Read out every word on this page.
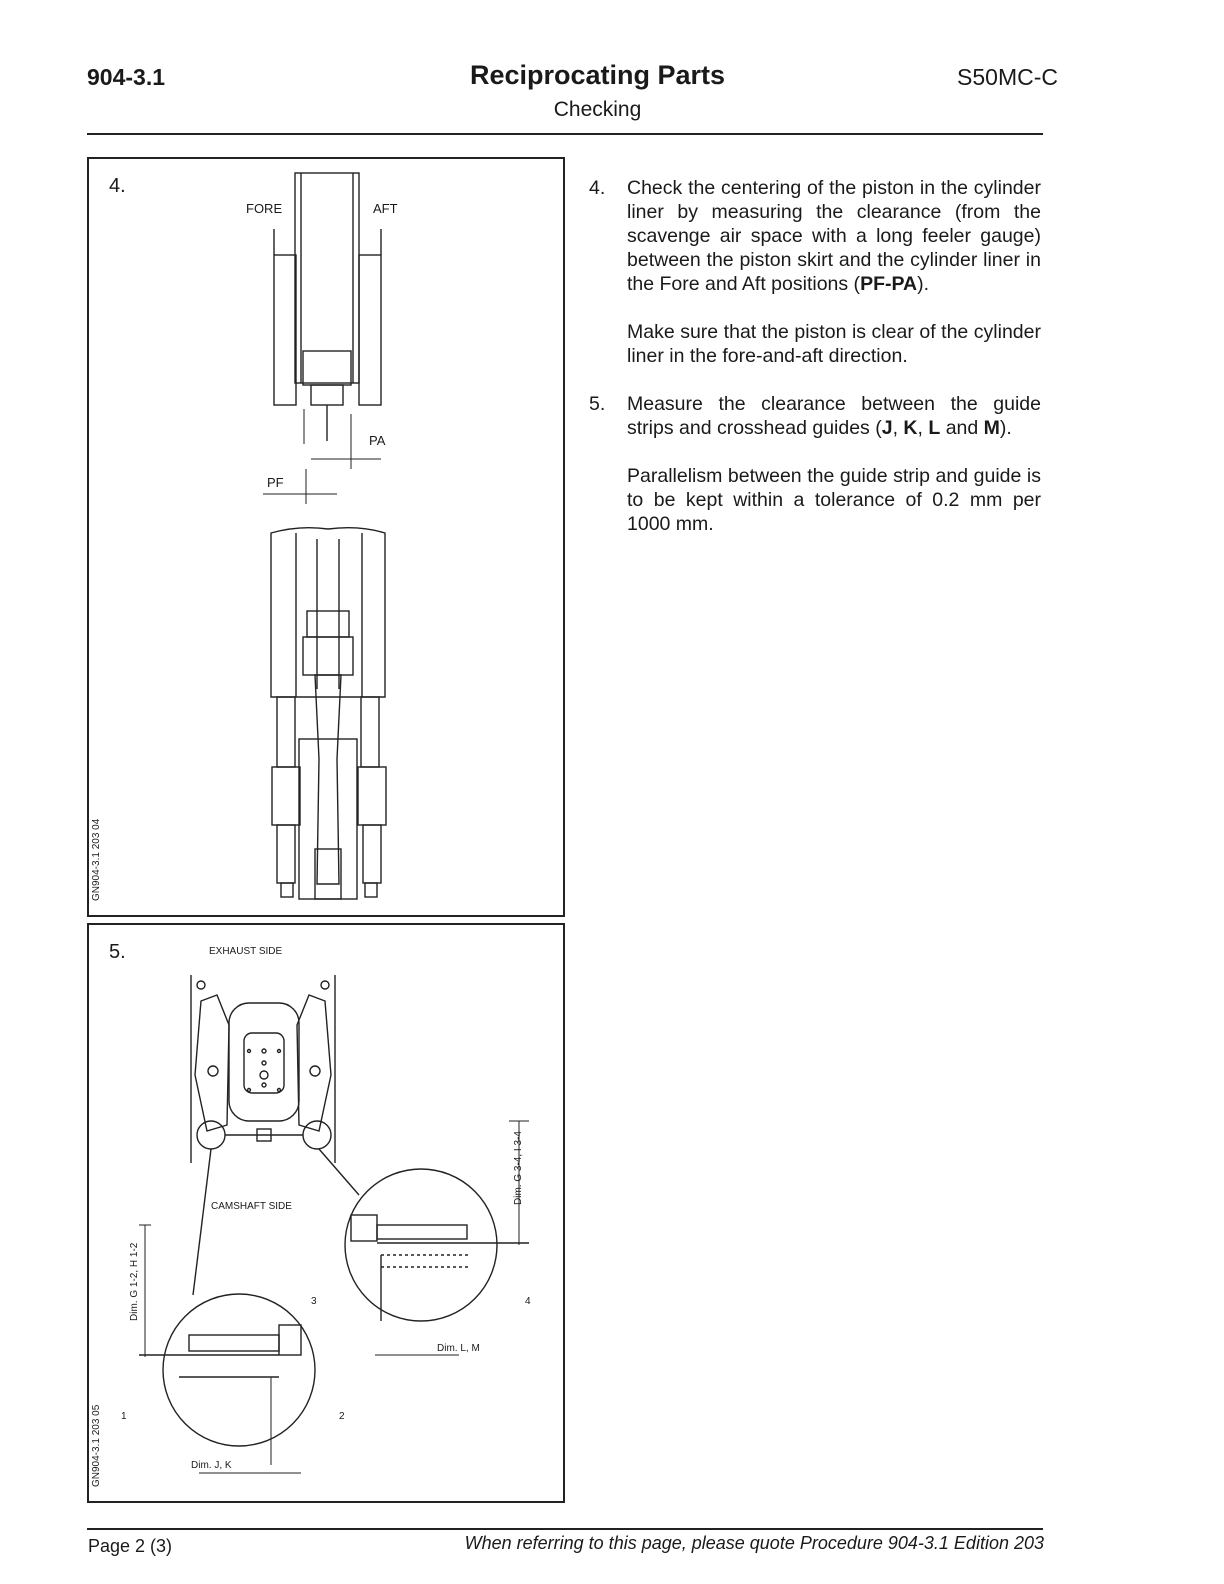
904-3.1	Reciprocating Parts
Checking
S50MC-C
4.
GN904-3.1 203 04
FORE	AFT
PA
PF
5.
GN904-3.1 203 05
EXHAUST SIDE
CAMSHAFT SIDE
Dim. G 3-4, I 3-4
Dim. G 1-2, H 1-2
Dim. L, M
Dim. J, K
1	2
3	4
4.	Check the centering of the piston in the cylinder liner by measuring the clearance (from the scavenge air space with a long feeler gauge) between the piston skirt and the cylinder liner in the Fore and Aft positions (PF-PA).

Make sure that the piston is clear of the cylinder liner in the fore-and-aft direction.

5.	Measure the clearance between the guide strips and crosshead guides (J, K, L and M).

Parallelism between the guide strip and guide is to be kept within a tolerance of 0.2 mm per 1000 mm.

Page 2 (3)	When referring to this page, please quote Procedure 904-3.1 Edition 203
